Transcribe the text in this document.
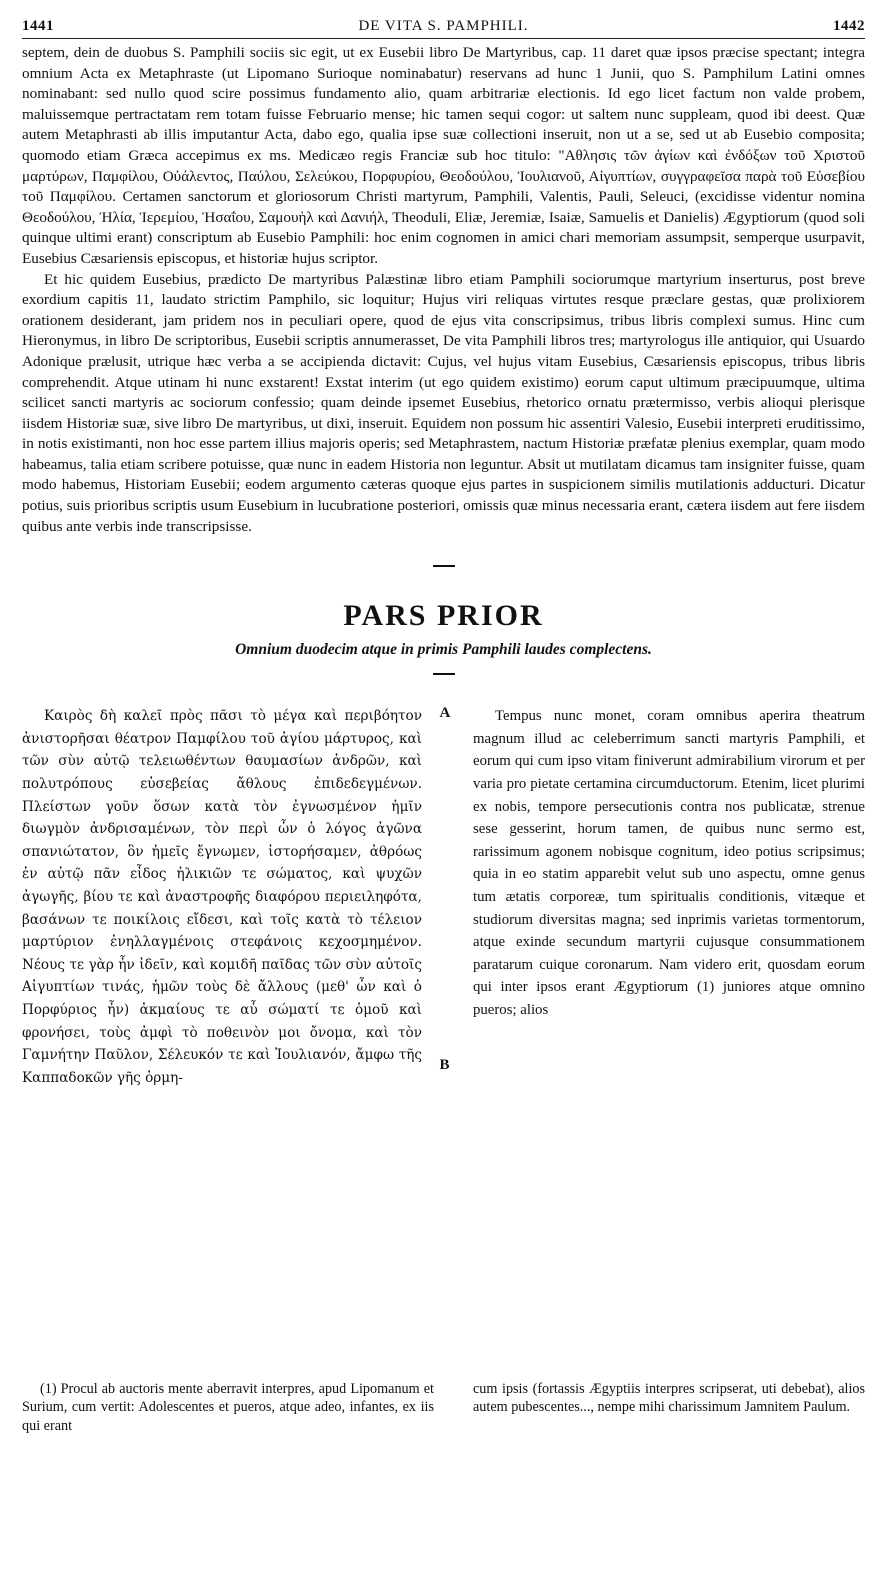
1441	DE VITA S. PAMPHILI.	1442

septem, dein de duobus S. Pamphili sociis sic egit, ut ex Eusebii libro De Martyribus, cap. 11 daret quæ ipsos præcise spectant; integra omnium Acta ex Metaphraste (ut Lipomano Surioque nominabatur) reservans ad hunc 1 Junii, quo S. Pamphilum Latini omnes nominabant: sed nullo quod scire possimus fundamento alio, quam arbitrariæ electionis. Id ego licet factum non valde probem, maluissemque pertractatam rem totam fuisse Februario mense; hic tamen sequi cogor: ut saltem nunc suppleam, quod ibi deest. Quæ autem Metaphrasti ab illis imputantur Acta, dabo ego, qualia ipse suæ collectioni inseruit, non ut a se, sed ut ab Eusebio composita; quomodo etiam Græca accepimus ex ms. Medicæo regis Franciæ sub hoc titulo: "Αθλησις τῶν ἁγίων καὶ ἐνδόξων τοῦ Χριστοῦ μαρτύρων, Παμφίλου, Οὐάλεντος, Παύλου, Σελεύκου, Πορφυρίου, Θεοδούλου, Ἰουλιανοῦ, Αἰγυπτίων, συγγραφεῖσα παρὰ τοῦ Εὐσεβίου τοῦ Παμφίλου. Certamen sanctorum et gloriosorum Christi martyrum, Pamphili, Valentis, Pauli, Seleuci, (excidisse videntur nomina Θεοδούλου, Ἠλία, Ἱερεμίου, Ἡσαΐου, Σαμουὴλ καὶ Δανιήλ, Theoduli, Eliæ, Jeremiæ, Isaiæ, Samuelis et Danielis) Ægyptiorum (quod soli quinque ultimi erant) conscriptum ab Eusebio Pamphili: hoc enim cognomen in amici chari memoriam assumpsit, semperque usurpavit, Eusebius Cæsariensis episcopus, et historiæ hujus scriptor.

Et hic quidem Eusebius, prædicto De martyribus Palæstinæ libro etiam Pamphili sociorumque martyrium inserturus, post breve exordium capitis 11, laudato strictim Pamphilo, sic loquitur; Hujus viri reliquas virtutes resque præclare gestas, quæ prolixiorem orationem desiderant, jam pridem nos in peculiari opere, quod de ejus vita conscripsimus, tribus libris complexi sumus. Hinc cum Hieronymus, in libro De scriptoribus, Eusebii scriptis annumerasset, De vita Pamphili libros tres; martyrologus ille antiquior, qui Usuardo Adonique prælusit, utrique hæc verba a se accipienda dictavit: Cujus, vel hujus vitam Eusebius, Cæsariensis episcopus, tribus libris comprehendit. Atque utinam hi nunc exstarent! Exstat interim (ut ego quidem existimo) eorum caput ultimum præcipuumque, ultima scilicet sancti martyris ac sociorum confessio; quam deinde ipsemet Eusebius, rhetorico ornatu prætermisso, verbis alioqui plerisque iisdem Historiæ suæ, sive libro De martyribus, ut dixi, inseruit. Equidem non possum hic assentiri Valesio, Eusebii interpreti eruditissimo, in notis existimanti, non hoc esse partem illius majoris operis; sed Metaphrastem, nactum Historiæ præfatæ plenius exemplar, quam modo habeamus, talia etiam scribere potuisse, quæ nunc in eadem Historia non leguntur. Absit ut mutilatam dicamus tam insigniter fuisse, quam modo habemus, Historiam Eusebii; eodem argumento cæteras quoque ejus partes in suspicionem similis mutilationis adducturi. Dicatur potius, suis prioribus scriptis usum Eusebium in lucubratione posteriori, omissis quæ minus necessaria erant, cætera iisdem aut fere iisdem quibus ante verbis inde transcripsisse.

PARS PRIOR
Omnium duodecim atque in primis Pamphili laudes complectens.

Καιρὸς δὴ καλεῖ πρὸς πᾶσι τὸ μέγα καὶ περιβόητον ἀνιστορῆσαι θέατρον Παμφίλου τοῦ ἁγίου μάρτυρος, καὶ τῶν σὺν αὐτῷ τελειωθέντων θαυμασίων ἀνδρῶν, καὶ πολυτρόπους εὐσεβείας ἄθλους ἐπιδεδεγμένων. Πλείστων γοῦν ὅσων κατὰ τὸν ἐγνωσμένον ἡμῖν διωγμὸν ἀνδρισαμένων, τὸν περὶ ὧν ὁ λόγος ἀγῶνα σπανιώτατον, ὃν ἡμεῖς ἔγνωμεν, ἱστορήσαμεν, ἀθρόως ἐν αὐτῷ πᾶν εἶδος ἡλικιῶν τε σώματος, καὶ ψυχῶν ἀγωγῆς, βίου τε καὶ ἀναστροφῆς διαφόρου περιειληφότα, βασάνων τε ποικίλοις εἴδεσι, καὶ τοῖς κατὰ τὸ τέλειον μαρτύριον ἐνηλλαγμένοις στεφάνοις κεχοσμημένον. Νέους τε γὰρ ἦν ἰδεῖν, καὶ κομιδῆ παῖδας τῶν σὺν αὐτοῖς Αἰγυπτίων τινάς, ἡμῶν τοὺς δὲ ἄλλους (μεθ' ὧν καὶ ὁ Πορφύριος ἦν) ἀκμαίους τε αὖ σώματί τε ὁμοῦ καὶ φρονήσει, τοὺς ἀμφὶ τὸ ποθεινὸν μοι ὄνομα, καὶ τὸν Γαμνήτην Παῦλον, Σέλευκόν τε καὶ Ἰουλιανόν, ἄμφω τῆς Καππαδοκῶν γῆς ὁρμη-

A
B

Tempus nunc monet, coram omnibus aperira theatrum magnum illud ac celeberrimum sancti martyris Pamphili, et eorum qui cum ipso vitam finiverunt admirabilium virorum et per varia pro pietate certamina circumductorum. Etenim, licet plurimi ex nobis, tempore persecutionis contra nos publicatæ, strenue sese gesserint, horum tamen, de quibus nunc sermo est, rarissimum agonem nobisque cognitum, ideo potius scripsimus; quia in eo statim apparebit velut sub uno aspectu, omne genus tum ætatis corporeæ, tum spiritualis conditionis, vitæque et studiorum diversitas magna; sed inprimis varietas tormentorum, atque exinde secundum martyrii cujusque consummationem paratarum cuique coronarum. Nam videro erit, quosdam eorum qui inter ipsos erant Ægyptiorum (1) juniores atque omnino pueros; alios

(1) Procul ab auctoris mente aberravit interpres, apud Lipomanum et Surium, cum vertit: Adolescentes et pueros, atque adeo, infantes, ex iis qui erant

cum ipsis (fortassis Ægyptiis interpres scripserat, uti debebat), alios autem pubescentes..., nempe mihi charissimum Jamnitem Paulum.
